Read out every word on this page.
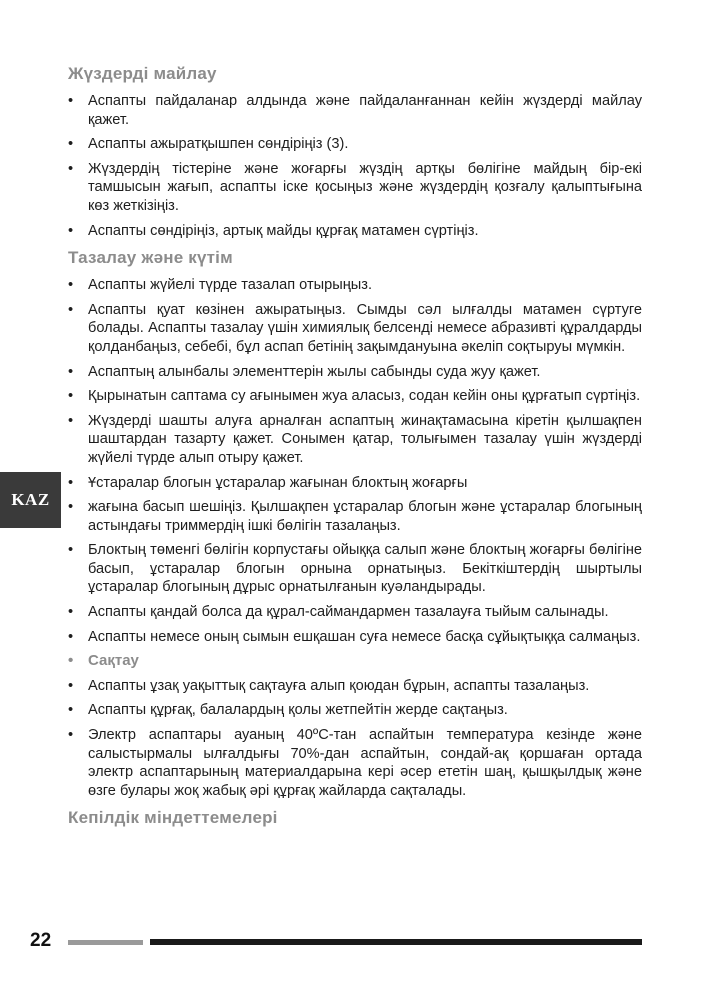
Жүздерді майлау
•	Аспапты пайдаланар алдында және пайдаланғаннан кейін жүздерді майлау қажет.
•	Аспапты ажыратқышпен сөндіріңіз (3).
•	Жүздердің тістеріне және жоғарғы жүздің артқы бөлігіне майдың бір-екі тамшысын жағып, аспапты іске қосыңыз және жүздердің қозғалу қалыптығына көз жеткізіңіз.
•	Аспапты сөндіріңіз, артық майды құрғақ матамен сүртіңіз.
Тазалау және күтім
•	Аспапты жүйелі түрде тазалап отырыңыз.
•	Аспапты қуат көзінен ажыратыңыз. Сымды сәл ылғалды матамен сүртуге болады. Аспапты тазалау үшін химиялық белсенді немесе абразивті құралдарды қолданбаңыз, себебі, бұл аспап бетінің зақымдануына әкеліп соқтыруы мүмкін.
•	Аспаптың алынбалы элементтерін жылы сабынды суда жуу қажет.
•	Қырынатын саптама су ағынымен жуа аласыз, содан кейін оны құрғатып сүртіңіз.
•	Жүздерді шашты алуға арналған аспаптың жинақтамасына кіретін қылшақпен шаштардан тазарту қажет. Сонымен қатар, толығымен тазалау үшін жүздерді жүйелі түрде алып отыру қажет.
•	Ұстаралар блогын ұстаралар жағынан блоктың жоғарғы
•	жағына басып шешіңіз. Қылшақпен ұстаралар блогын және ұстаралар блогының астындағы триммердің ішкі бөлігін тазалаңыз.
•	Блоктың төменгі бөлігін корпустағы ойыққа салып және блоктың жоғарғы бөлігіне басып, ұстаралар блогын орнына орнатыңыз. Бекіткіштердің шыртылы ұстаралар блогының дұрыс орнатылғанын куәландырады.
•	Аспапты қандай болса да құрал-саймандармен тазалауға тыйым салынады.
•	Аспапты немесе оның сымын ешқашан суға немесе басқа сұйықтыққа салмаңыз.
• Сақтау
•	Аспапты ұзақ уақыттық сақтауға алып қоюдан бұрын, аспапты тазалаңыз.
•	Аспапты құрғақ, балалардың қолы жетпейтін жерде сақтаңыз.
•	Электр аспаптары ауаның 40ºС-тан аспайтын температура кезінде және салыстырмалы ылғалдығы 70%-дан аспайтын, сондай-ақ қоршаған ортада электр аспаптарының материалдарына кері әсер ететін шаң, қышқылдық және өзге булары жоқ жабық әрі құрғақ жайларда сақталады.
Кепілдік міндеттемелері
KAZ
22
